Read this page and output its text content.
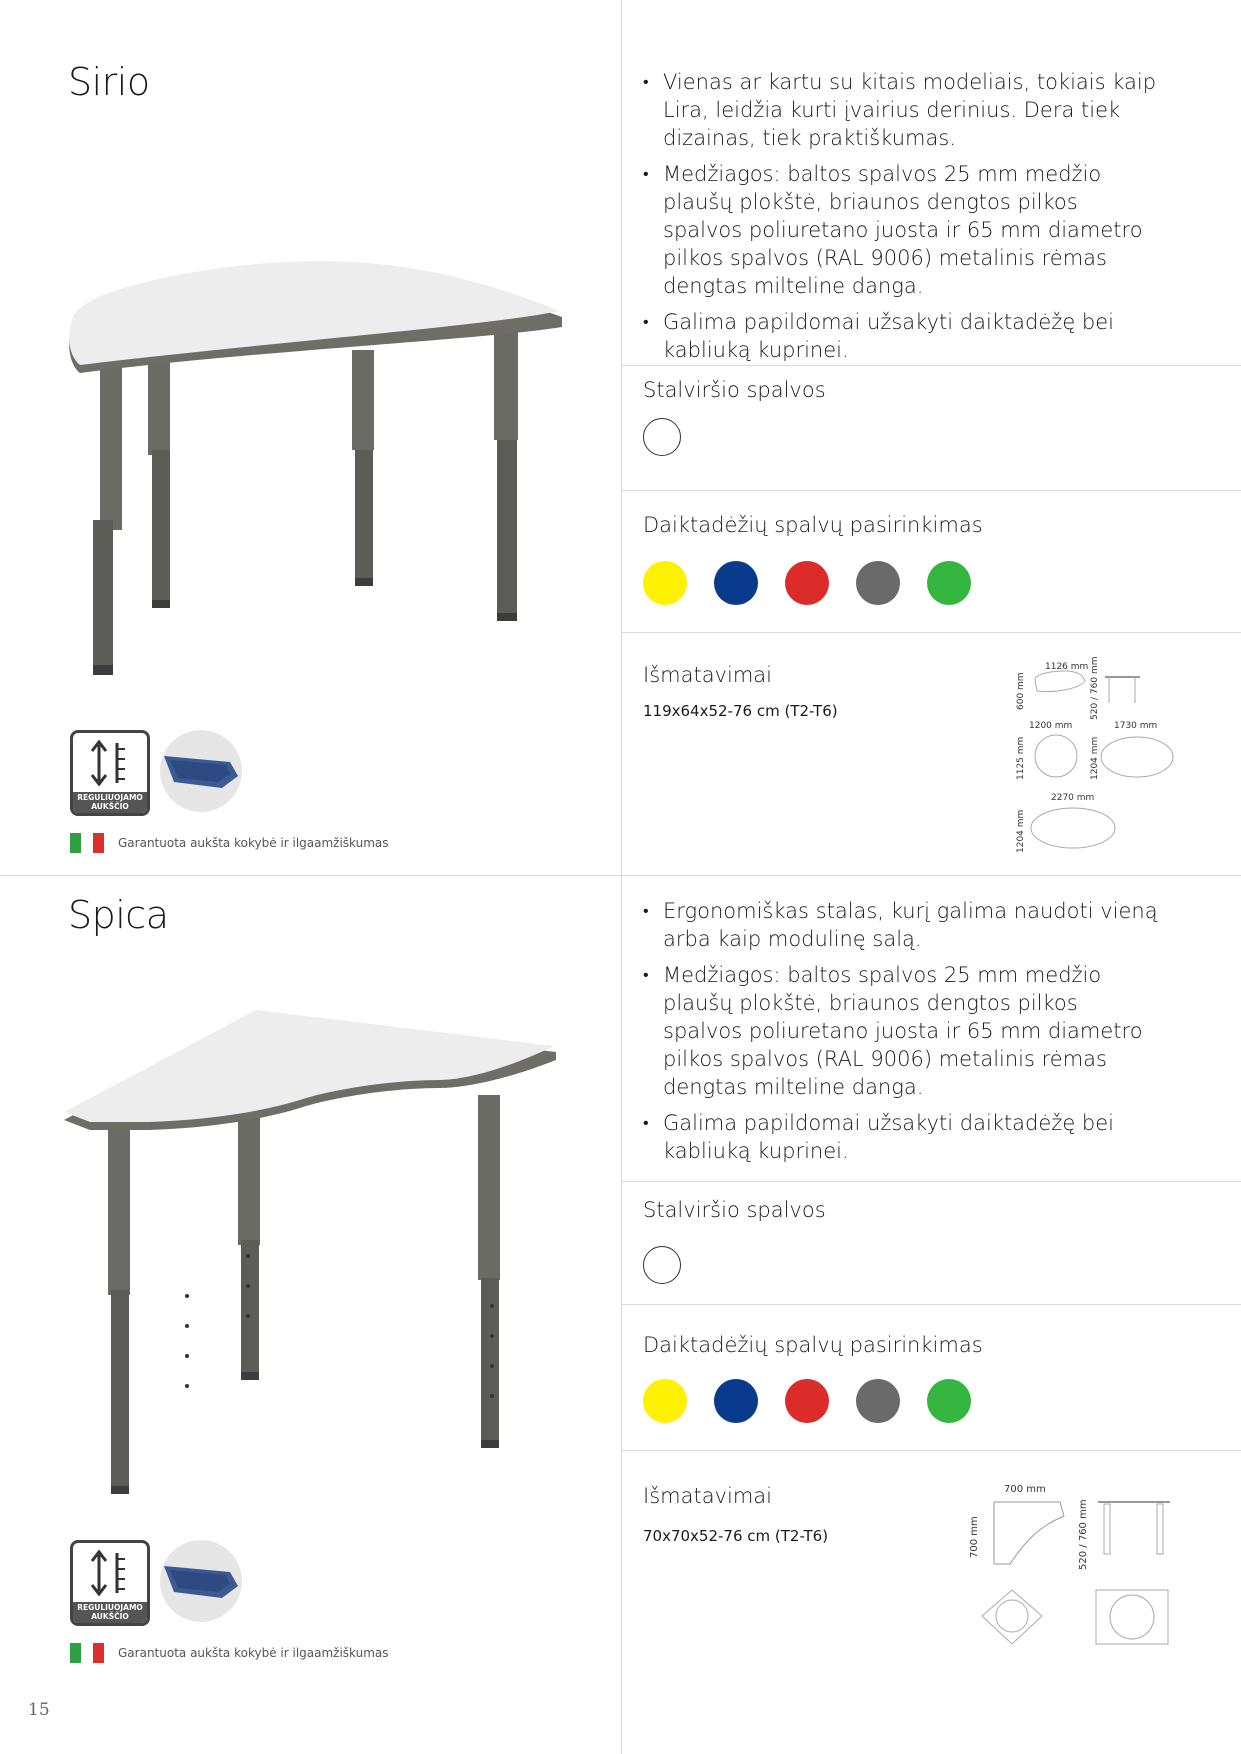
Sirio	• Vienas ar kartu su kitais modeliais, tokiais kaip Lira, leidžia kurti įvairius derinius. Dera tiek dizainas, tiek praktiškumas.
• Medžiagos: baltos spalvos 25 mm medžio plaušų plokštė, briaunos dengtos pilkos spalvos poliuretano juosta ir 65 mm diametro pilkos spalvos (RAL 9006) metalinis rėmas dengtas milteline danga.
• Galima papildomai užsakyti daiktadėžę bei kabliuką kuprinei.
Stalviršio spalvos
Daiktadėžių spalvų pasirinkimas
Išmatavimai
119x64x52-76 cm (T2-T6)
1126 mm
600 mm	520 / 760 mm
1200 mm	1730 mm
1125 mm	1204 mm
2270 mm
1204 mm
REGULIUOJAMO AUKŠČIO
Garantuota aukšta kokybė ir ilgaamžiškumas
Spica	• Ergonomiškas stalas, kurį galima naudoti vieną arba kaip modulinę salą.
• Medžiagos: baltos spalvos 25 mm medžio plaušų plokštė, briaunos dengtos pilkos spalvos poliuretano juosta ir 65 mm diametro pilkos spalvos (RAL 9006) metalinis rėmas dengtas milteline danga.
• Galima papildomai užsakyti daiktadėžę bei kabliuką kuprinei.
Stalviršio spalvos
Daiktadėžių spalvų pasirinkimas
Išmatavimai
70x70x52-76 cm (T2-T6)
700 mm
700 mm	520 / 760 mm
REGULIUOJAMO AUKŠČIO
Garantuota aukšta kokybė ir ilgaamžiškumas
15
